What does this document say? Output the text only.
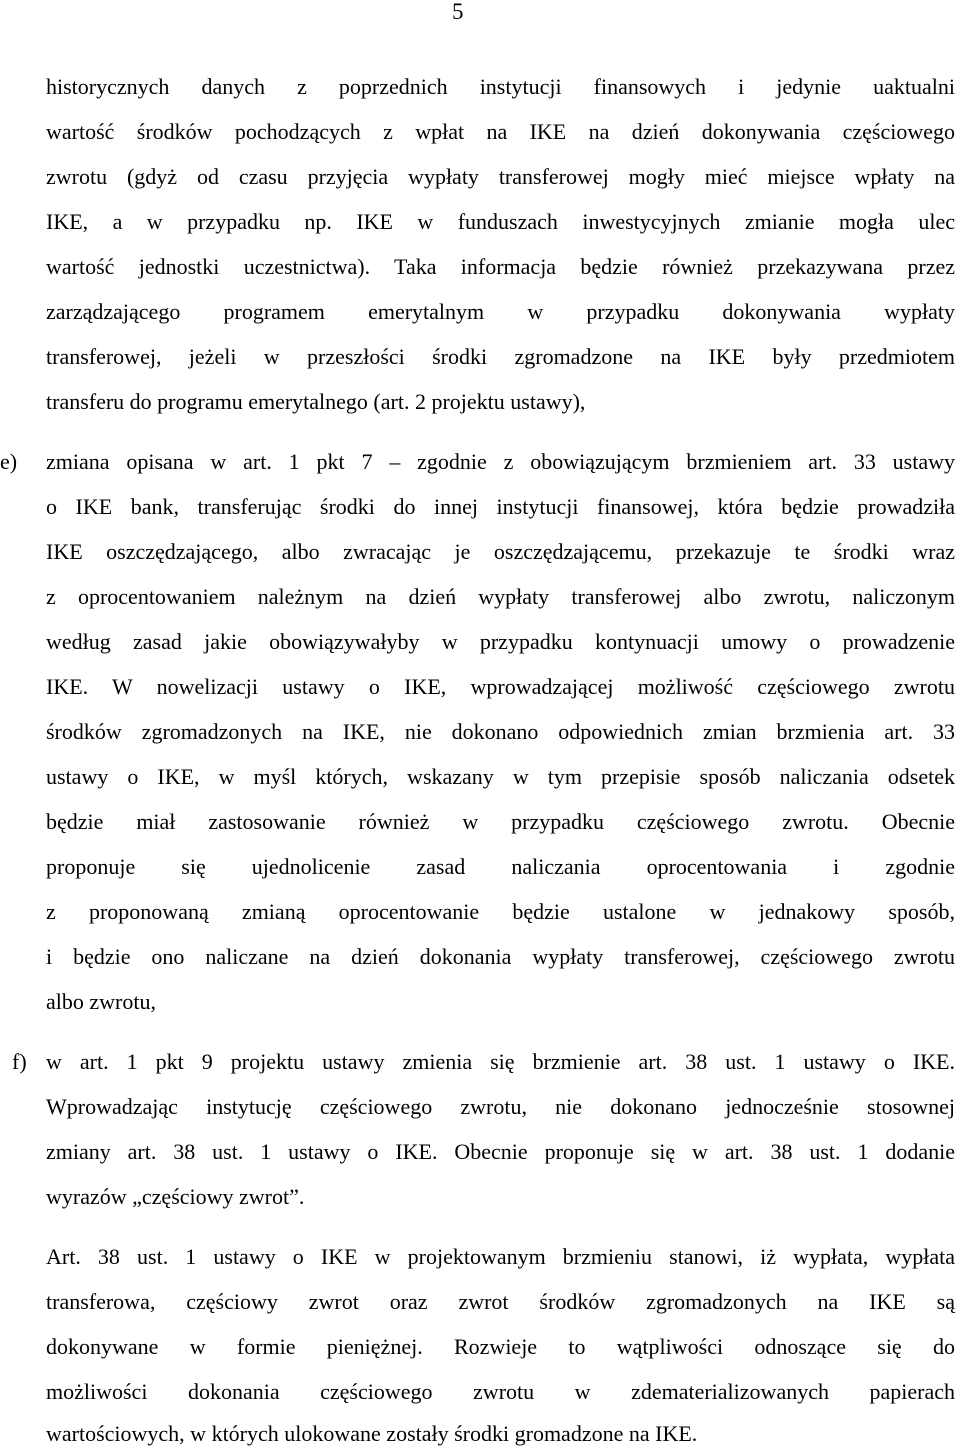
5
historycznych danych z poprzednich instytucji finansowych i jedynie uaktualni
wartość środków pochodzących z wpłat na IKE na dzień dokonywania częściowego
zwrotu (gdyż od czasu przyjęcia wypłaty transferowej mogły mieć miejsce wpłaty na
IKE, a w przypadku np. IKE w funduszach inwestycyjnych zmianie mogła ulec
wartość jednostki uczestnictwa). Taka informacja będzie również przekazywana przez
zarządzającego programem emerytalnym w przypadku dokonywania wypłaty
transferowej, jeżeli w przeszłości środki zgromadzone na IKE były przedmiotem
transferu do programu emerytalnego (art. 2 projektu ustawy),
e) zmiana opisana w art. 1 pkt 7 – zgodnie z obowiązującym brzmieniem art. 33 ustawy
o IKE bank, transferując środki do innej instytucji finansowej, która będzie prowadziła
IKE oszczędzającego, albo zwracając je oszczędzającemu, przekazuje te środki wraz
z oprocentowaniem należnym na dzień wypłaty transferowej albo zwrotu, naliczonym
według zasad jakie obowiązywałyby w przypadku kontynuacji umowy o prowadzenie
IKE. W nowelizacji ustawy o IKE, wprowadzającej możliwość częściowego zwrotu
środków zgromadzonych na IKE, nie dokonano odpowiednich zmian brzmienia art. 33
ustawy o IKE, w myśl których, wskazany w tym przepisie sposób naliczania odsetek
będzie miał zastosowanie również w przypadku częściowego zwrotu. Obecnie
proponuje się ujednolicenie zasad naliczania oprocentowania i zgodnie
z proponowaną zmianą oprocentowanie będzie ustalone w jednakowy sposób,
i będzie ono naliczane na dzień dokonania wypłaty transferowej, częściowego zwrotu
albo zwrotu,
f) w art. 1 pkt 9 projektu ustawy zmienia się brzmienie art. 38 ust. 1 ustawy o IKE.
Wprowadzając instytucję częściowego zwrotu, nie dokonano jednocześnie stosownej
zmiany art. 38 ust. 1 ustawy o IKE. Obecnie proponuje się w art. 38 ust. 1 dodanie
wyrazów „częściowy zwrot”.
Art. 38 ust. 1 ustawy o IKE w projektowanym brzmieniu stanowi, iż wypłata, wypłata
transferowa, częściowy zwrot oraz zwrot środków zgromadzonych na IKE są
dokonywane w formie pieniężnej. Rozwieje to wątpliwości odnoszące się do
możliwości dokonania częściowego zwrotu w zdematerializowanych papierach
wartościowych, w których ulokowane zostały środki gromadzone na IKE.
